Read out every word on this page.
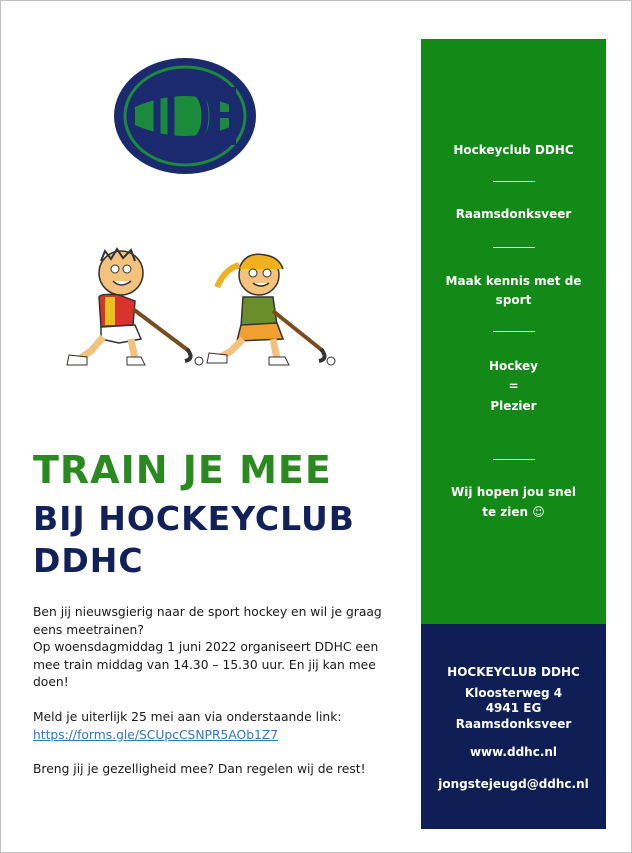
TRAIN JE MEE
BIJ HOCKEYCLUB
DDHC

Ben jij nieuwsgierig naar de sport hockey en wil je graag eens meetrainen?

Op woensdagmiddag 1 juni 2022 organiseert DDHC een mee train middag van 14.30 – 15.30 uur. En jij kan mee doen!

Meld je uiterlijk 25 mei aan via onderstaande link:

https://forms.gle/SCUpcCSNPR5AOb1Z7

Breng jij je gezelligheid mee? Dan regelen wij de rest!

Hockeyclub DDHC
Raamsdonksveer
Maak kennis met de
sport
Hockey
=
Plezier
Wij hopen jou snel
te zien ☺
HOCKEYCLUB DDHC
Kloosterweg 4
4941 EG
Raamsdonksveer
www.ddhc.nl
jongstejeugd@ddhc.nl
